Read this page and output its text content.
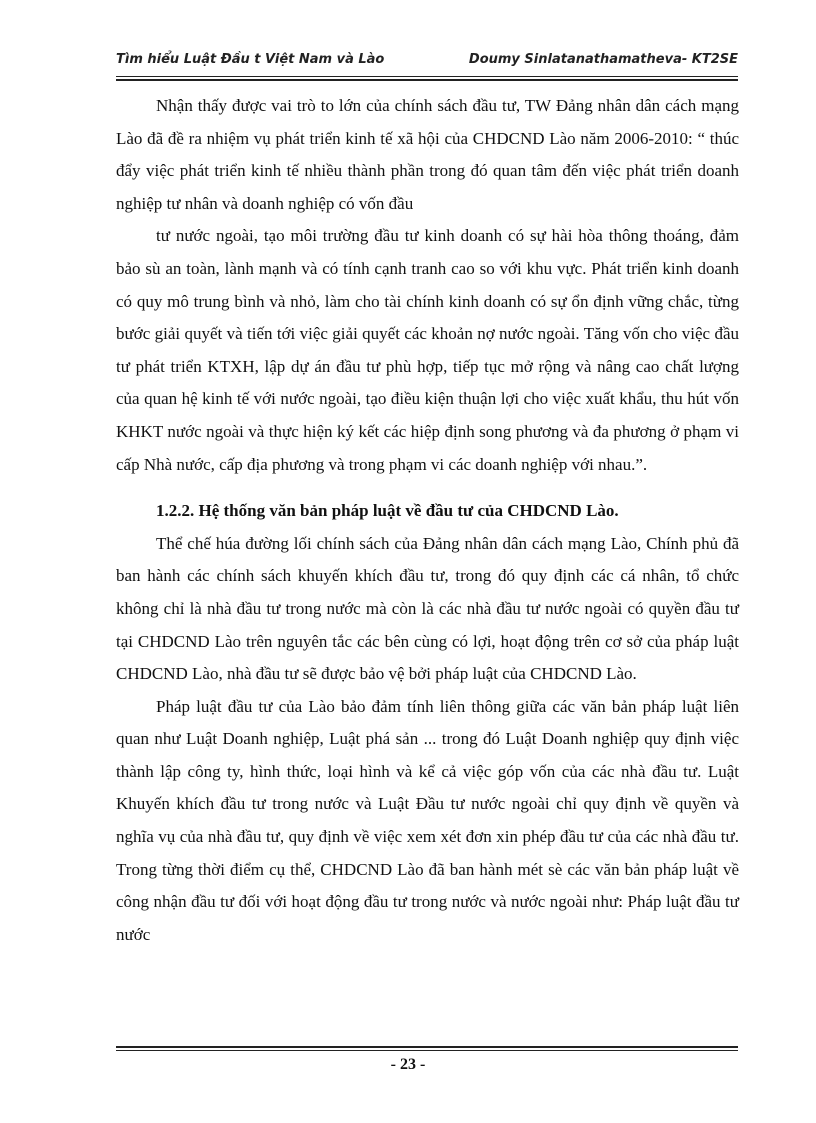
Tìm hiểu Luật Đầu t Việt Nam và Lào	Doumy Sinlatanathamatheva- KT2SE

Nhận thấy được vai trò to lớn của chính sách đầu tư, TW Đảng nhân dân cách mạng Lào đã đề ra nhiệm vụ phát triển kinh tế xã hội của CHDCND Lào năm 2006-2010: “ thúc đẩy việc phát triển kinh tế nhiều thành phần trong đó quan tâm đến việc phát triển doanh nghiệp tư nhân và doanh nghiệp có vốn đầu

tư nước ngoài, tạo môi trường đầu tư kinh doanh có sự hài hòa thông thoáng, đảm bảo sù an toàn, lành mạnh và có tính cạnh tranh cao so với khu vực. Phát triển kinh doanh có quy mô trung bình và nhỏ, làm cho tài chính kinh doanh có sự ổn định vững chắc, từng bước giải quyết và tiến tới việc giải quyết các khoản nợ nước ngoài. Tăng vốn cho việc đầu tư phát triển KTXH, lập dự án đầu tư phù hợp, tiếp tục mở rộng và nâng cao chất lượng của quan hệ kinh tế với nước ngoài, tạo điều kiện thuận lợi cho việc xuất khẩu, thu hút vốn KHKT nước ngoài và thực hiện ký kết các hiệp định song phương và đa phương ở phạm vi cấp Nhà nước, cấp địa phương và trong phạm vi các doanh nghiệp với nhau.”.

1.2.2. Hệ thống văn bản pháp luật về đầu tư của CHDCND Lào.

Thể chế húa đường lối chính sách của Đảng nhân dân cách mạng Lào, Chính phủ đã ban hành các chính sách khuyến khích đầu tư, trong đó quy định các cá nhân, tổ chức không chỉ là nhà đầu tư trong nước mà còn là các nhà đầu tư nước ngoài có quyền đầu tư tại CHDCND Lào trên nguyên tắc các bên cùng có lợi, hoạt động trên cơ sở của pháp luật CHDCND Lào, nhà đầu tư sẽ được bảo vệ bởi pháp luật của CHDCND Lào.

Pháp luật đầu tư của Lào bảo đảm tính liên thông giữa các văn bản pháp luật liên quan như Luật Doanh nghiệp, Luật phá sản ... trong đó Luật Doanh nghiệp quy định việc thành lập công ty, hình thức, loại hình và kể cả việc góp vốn của các nhà đầu tư. Luật Khuyến khích đầu tư trong nước và Luật Đầu tư nước ngoài chỉ quy định về quyền và nghĩa vụ của nhà đầu tư, quy định về việc xem xét đơn xin phép đầu tư của các nhà đầu tư. Trong từng thời điểm cụ thể, CHDCND Lào đã ban hành mét sè các văn bản pháp luật về công nhận đầu tư đối với hoạt động đầu tư trong nước và nước ngoài như: Pháp luật đầu tư nước

- 23 -
